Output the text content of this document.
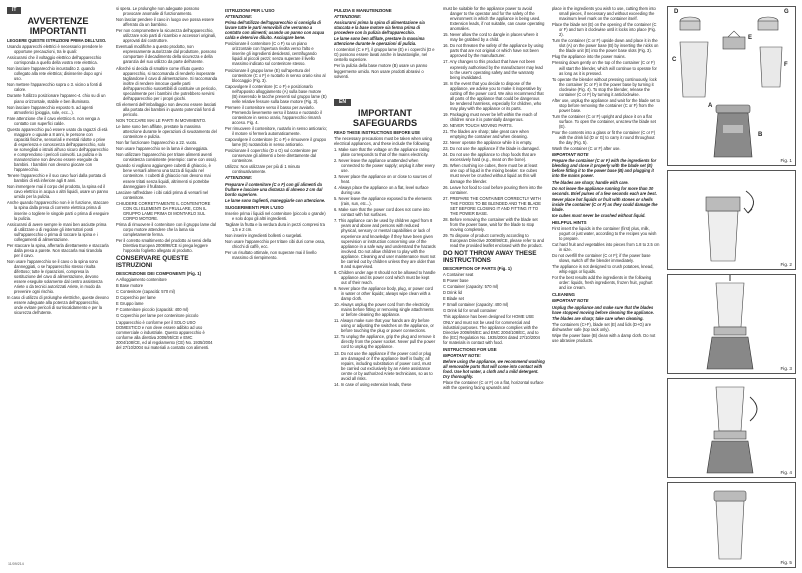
IT
AVVERTENZE IMPORTANTI

LEGGERE QUESTE ISTRUZIONI PRIMA DELL'USO.

Usando apparecchi elettrici è necessario prendere le opportune precauzioni, tra le quali:

Assicurarsi che il voltaggio elettrico dell'apparecchio corrisponda a quello della vostra rete elettrica.

Non lasciare l'apparecchio incustodito 2. quando collegato alla rete elettrica; disinserire dopo ogni uso.

Non mettere l'apparecchio sopra o 3. vicino a fonti di calore.

Durante l'utilizzo posizionare l'apparec-4. chio su di un piano orizzontale, stabile e ben illuminato.

Non lasciare l'apparecchio esposto 5. ad agenti atmosferici (pioggia, sole, ecc...).

Fare attenzione che il cavo elettrico 6. non venga a contatto con superfici calde.

Questo apparecchio può essere usato da ragazzi di età maggiore o uguale a 8 anni, le persone con capacità fisiche, sensoriali e mentali ridotte o prive di esperienza e conoscenza dell'apparecchio, solo se sorvegliati o istruiti all'uso sicuro dell'apparecchio e comprendono i pericoli coinvolti. La pulizia e la manutenzione non devono essere eseguite da bambini. I bambini non devono giocare con l'apparecchio.

Tenere l'apparecchio e il suo cavo fuori dalla portata di bambini di età inferiore agli 8 anni.

Non immergere mai il corpo del prodotto, la spina ed il cavo elettrico in acqua o altri liquidi, usare un panno umido per la pulizia.

Anche quando l'apparecchio non è in funzione, staccare la spina dalla presa di corrente elettrica prima di inserire o togliere le singole parti o prima di eseguire la pulizia.

Assicurarsi di avere sempre le mani ben asciutte prima di utilizzare o di regolare gli interruttori posti sull'apparecchio o prima di toccare la spina e i collegamenti di alimentazione.

Per staccare la spina, afferrarla direttamente e staccarla dalla presa a parete. Non staccarla mai tirandola per il cavo.

Non usare l'apparecchio se il cavo o la spina sono danneggiati, o se l'apparecchio stesso risulta difettoso; tutte le riparazioni, compresa la sostituzione del cavo di alimentazione, devono essere eseguite solamente dal centro assistenza Ariete o da tecnici autorizzati Ariete, in modo da prevenire ogni rischio.

In caso di utilizzo di prolunghe elettriche, queste devono essere adeguate alla potenza dell'apparecchio, onde evitare pericoli di surriscaldamento e per la sicurezza dell'utente.

si spera. Le prolunghe non adeguate possono provocare anomalie di funzionamento.

Non lasciar pendere il cavo in luogo ove possa essere afferrato da un bambino.

Per non compromettere la sicurezza dell'apparecchio, utilizzare solo parti di ricambio e accessori originali, approvati dal costruttore.

Eventuali modifiche a questo prodotto, non espressamente autorizzate dal produttore, possono comportare il decadimento della sicurezza e della garanzia del suo utilizzo da parte dell'utente.

Allorché si decida di smaltire come rifiuto questo apparecchio, si raccomanda di renderlo inoperante tagliandone il cavo di alimentazione. Si raccomanda inoltre di rendere innocue quelle parti dell'apparecchio suscettibili di costituire un pericolo, specialmente per i bambini che potrebbero servirsi dell'apparecchio per i propri giochi.

Gli elementi dell'imballaggio non devono essere lasciati alla portata dei bambini in quanto potenziali fonti di pericolo.

NON TOCCARE MAI LE PARTI IN MOVIMENTO.

Le lame sono ben affilate, prestate la massima attenzione durante le operazioni di svuotamento del contenitore e pulizia.

Non far funzionare l'apparecchio a 22. vuoto.

Non usare l'apparecchio se la lama è danneggiata.

Non utilizzare l'apparecchio per tritare alimenti aventi consistenza consistente (esempio: carne con ossa).

Quando si vogliano aggiungere cubetti di ghiaccio, è bene versarli almeno una tazza di liquido nel contenitore. I cubetti di ghiaccio non devono mai essere tritati senza liquidi, altrimenti si potrebbe danneggiare il frullatore.

Lasciare raffreddare i cibi caldi prima di versarli nel contenitore.

CHIUDERE CORRETTAMENTE IL CONTENITORE CON GLI ELEMENTI DA FRULLARE, CON IL GRUPPO LAME PRIMA DI MONTARLO SUL CORPO MOTORE.

Prima di rimuovere il contenitore con il gruppo lame dal corpo motore attendere che la lama sia completamente ferma.

Per il corretto smaltimento del prodotto ai sensi della Direttiva Europea 2008/98/CE si prega leggere l'opposito foglietto allegato al prodotto.

CONSERVARE QUESTE ISTRUZIONI
DESCRIZIONE DEI COMPONENTI (Fig. 1)

A Alloggiamento contenitore

B Base motore

C Contenitore (capacità: 570 ml)

D Coperchio per lame

E Gruppo lame

F Contenitore piccolo (capacità: 400 ml)

G Coperchio per lame per contenitore piccolo

L'apparecchio è conforme per il SOLO USO DOMESTICO e non deve essere adibito ad uso commerciale o industriale. Questo apparecchio è conforme alla direttiva 2006/95/CE e EMC 2004/108/CE, ed al regolamento (CE) No. 1935/2004 del 27/10/2004 sui materiali a contatto con alimenti.

ISTRUZIONI PER L'USO

ATTENZIONE:

Prima dell'utilizzo dell'apparecchio si consiglia di lavare tutte le parti removibili che verranno a contatto con alimenti; usando un panno con acqua calda e detersivo diluito. Asciugare bene.

Posizionare il contenitore (C o F) su un piano orizzontale con l'apertura rivolta verso l'alto e inserire gli ingredienti desiderati, centrifugando liquidi al piccoli pezzi; senza superare il livello massimo indicato sul contenitore stesso.

Posizionare il gruppo lame (E) sull'apertura del contenitore (C o F) e ruotarlo in senso orario sino al bloccaggio (Fig. 3).

Capovolgere il contenitore (C o F) e posizionarlo nell'apposito alloggiamento (A) sulla base motore (B) inserendo le tacche presenti sul gruppo lame (E) nelle relative fessure sulla base motore (Fig. 3).

Premere il contenitore verso il basso per avviarlo. Premendo lievemente verso il basso e ruotando il contenitore in senso orario, l'apparecchio rimarrà acceso. Fig. 4.

Per rimuovere il contenitore, ruotarlo in senso antiorario; il motore si fermerà automaticamente.

Capovolgere il contenitore (C o F) e rimuovere il gruppo lame (E) ruotandolo in senso antiorario.

Posizionare il coperchio (D o G) sul contenitore per conservare gli alimenti o bere direttamente dal contenitore.

Utilizzo: Non utilizzare per più di 1 minuto continuativamente.

ATTENZIONE:

Preparare il contenitore (C o F) con gli alimenti da frullare e lasciare una distanza di almeno 2 cm dal bordo superiore.

Le lame sono taglienti, maneggiarle con attenzione.

SUGGERIMENTI PER L'USO

Inserire prima i liquidi nel contenitore (piccolo o grande) e solo dopo gli altri ingredienti.

Tagliare la frutta e la verdura dura in pezzi compresi tra 1,5 e 2 cm.

Non inserire ingredienti bollenti o surgelati.

Non usare l'apparecchio per tritare cibi duri come ossa, chicchi di caffè, ecc.

Per un risultato ottimale, non superare mai il livello massimo di riempimento.

PULIZIA E MANUTENZIONE

ATTENZIONE:

Assicurarsi prima la spina di alimentazione sia staccata e la base motore sia ferma prima di procedere con la pulizia dell'apparecchio.

Le lame sono ben affilate, prestare la massima attenzione durante le operazioni di pulizia.

I contenitori (C e F), il gruppo lame (E) e i coperchi (D e G) possono essere lavati anche in lavastoviglie, nel cestello superiore.

Per la pulizia della base motore (B) usare un panno leggermente umido. Non usare prodotti abrasivi o solventi.

EN
IMPORTANT SAFEGUARDS

READ THESE INSTRUCTIONS BEFORE USE

The necessary precautions must be taken when using electrical appliances, and these include the following:

1. Make sure that the voltage on the appliance rating plate corresponds to that of the mains electricity.

2. Never leave the appliance unattended when connected to the power supply; unplug it after every use.

3. Never place the appliance on or close to sources of heat.

4. Always place the appliance on a flat, level surface during use.

5. Never leave the appliance exposed to the elements (rain, sun, etc...).

6. Make sure that the power cord does not come into contact with hot surfaces.

7. This appliance can be used by children aged from 8 years and above and persons with reduced physical, sensory or mental capabilities or lack of experience and knowledge if they have been given supervision or instruction concerning use of the appliance in a safe way and understand the hazards involved. Do not allow children to play with the appliance. Cleaning and user maintenance must not be carried out by children unless they are older than 8 and supervised.

8. Children under age 8 should not be allowed to handle appliance and its power cord which must be kept out of their reach.

9. Never place the appliance body, plug, or power cord in water or other liquids; always wipe clean with a damp cloth.

10. Always unplug the power cord from the electricity mains before fitting or removing single attachments or before cleaning the appliance.

11. Always make sure that your hands are dry before using or adjusting the switches on the appliance, or before touching the plug or power connections.

12. To unplug the appliance, grip the plug and remove it directly from the power socket. Never pull the power cord to unplug the appliance.

13. Do not use the appliance if the power cord or plug are damaged or if the appliance itself is faulty; all repairs, including substitution of power cord, must be carried out exclusively by an Ariete assistance centre or by authorized Ariete technicians, so as to avoid all risks.

14. In case of using extension leads, these

must be suitable for the appliance power to avoid danger to the operator and for the safety of the environment in which the appliance is being used. Extension leads, if not suitable, can cause operating anomalies.

15. Never allow the cord to dangle in places where it may be grabbed by a child.

16. Do not threaten the safety of the appliance by using parts that are not original or which have not been approved by the manufacturer.

17. Any changes to this product that have not been expressly authorised by the manufacturer may lead to the user's operating safety and the warranty being invalidated.

18. In the event that you decide to dispose of the appliance, we advise you to make it inoperative by cutting off the power cord. We also recommend that all parts of the appliance that could be dangerous be rendered harmless, especially for children, who may play with the appliance or its parts.

19. Packaging must never be left within the reach of children since it is potentially dangerous.

20. NEVER TOUCH MOVING PARTS.

21. The blades are sharp; take great care when emptying the container and when cleaning.

22. Never operate the appliance while it is empty.

23. Do not use the appliance if the blade is damaged.

24. Do not use the appliance to chop foods that are excessively hard (e.g., meat on the bone).

25. When crushing ice cubes, there must be at least one cup of liquid in the mixing beaker. Ice cubes must never be crushed without liquid as this will damage the blender.

26. Leave hot food to cool before pouring them into the container.

27. PREPARE THE CONTAINER CORRECTLY WITH THE FOODS TO BE BLENDED AND THE BLADE SET BEFORE CLOSING IT AND FITTING IT TO THE POWER BASE.

28. Before removing the container with the blade set from the power base, wait for the blade to stop moving completely.

29. To dispose of product correctly according to European Directive 2008/98/CE, please refer to and read the provided leaflet enclosed with the product.

DO NOT THROW AWAY THESE INSTRUCTIONS
DESCRIPTION OF PARTS (Fig. 1)

A Container seat

B Power base

C Container (capacity: 570 ml)

D Drink lid

E Blade set

F Small container (capacity: 400 ml)

G Drink lid for small container

This appliance has been designed for HOME USE ONLY and must not be used for commercial and industrial purposes. The appliance complies with the Directive 2006/95/EC and EMC 2004/108/EC, and to the (EC) Regulation No. 1935/2004 dated 27/10/2004 for materials in contact with food.

INSTRUCTIONS FOR USE

IMPORTANT NOTE:

Before using the appliance, we recommend washing all removable parts that will come into contact with food. Use hot water, a cloth and a mild detergent. Dry thoroughly.

Place the container (C or F) on a flat, horizontal surface with the opening facing upwards and

place in the ingredients you wish to use, cutting them into small pieces, if necessary and without exceeding the maximum level mark on the container itself.

Place the blade set (E) on the opening of the container (C or F) and turn it clockwise until it locks into place (Fig. 2).

Turn the container (C or F) upside down and place it in the slot (A) on the power base (B) by inserting the nicks on the blade unit (E) into the power base slots (Fig. 3).

Plug the appliance into the power mains.

Pressing down gently on the top of the container (C or F) will start the blender, which will continue to operate for as long as it is pressed.

To operate the blender without pressing continuously, lock the container (C or F) in the power base by turning it clockwise (Fig. 4). To stop the blender, release the container (C or F) by turning it anticlockwise.

After use, unplug the appliance and wait for the blade set to stop before removing the container (C or F) from the power base.

Turn the container (C or F) upright and place it on a flat surface. To open the container, unscrew the blade set (E).

Pour the contents into a glass or fit the container (C or F) with the drink lid (D or G) to carry it round throughout the day (Fig. 5).

Wash the container (C or F) after use.

IMPORTANT NOTE

Prepare the container (C or F) with the ingredients for blending and close it properly with the blade set (E) before fitting it to the power base (B) and plugging it into the mains power.

The blades are sharp; handle with care.

Do not leave the appliance running for more than 30 seconds. Brief pulses of a few seconds each are best.

Never place hot liquids or fruit with stones or shells inside the container (C or F) as they could damage the blade.

Ice cubes must never be crushed without liquid.

HELPFUL HINTS

First insert the liquids in the container (first) plus, milk, yogurt or just water, according to the recipes you wish to prepare.

Cut hard fruit and vegetables into pieces from 1.8 to 2.5 cm in size.

Do not overfill the container (C or F); if the power base slows, switch off the blender immediately.

The appliance is not designed to crush potatoes, knead, whip eggs or liquids.

For the best results add the ingredients in the following order: liquids, fresh ingredients, frozen fruit, yoghurt and ice cream.

CLEANING

IMPORTANT NOTE

Unplug the appliance and make sure that the blades have stopped moving before cleaning the appliance.

The blades are sharp; take care when cleaning.

The containers (C+F), blade set (E) and lids (D+G) are dishwasher safe (top rack only).

Wipe the power base (B) clean with a damp cloth. Do not use abrasive products.

D	G
E
C
F
A
B
Fig. 1
Fig. 2
Fig. 3
Fig. 4
Fig. 5
11/09/214
